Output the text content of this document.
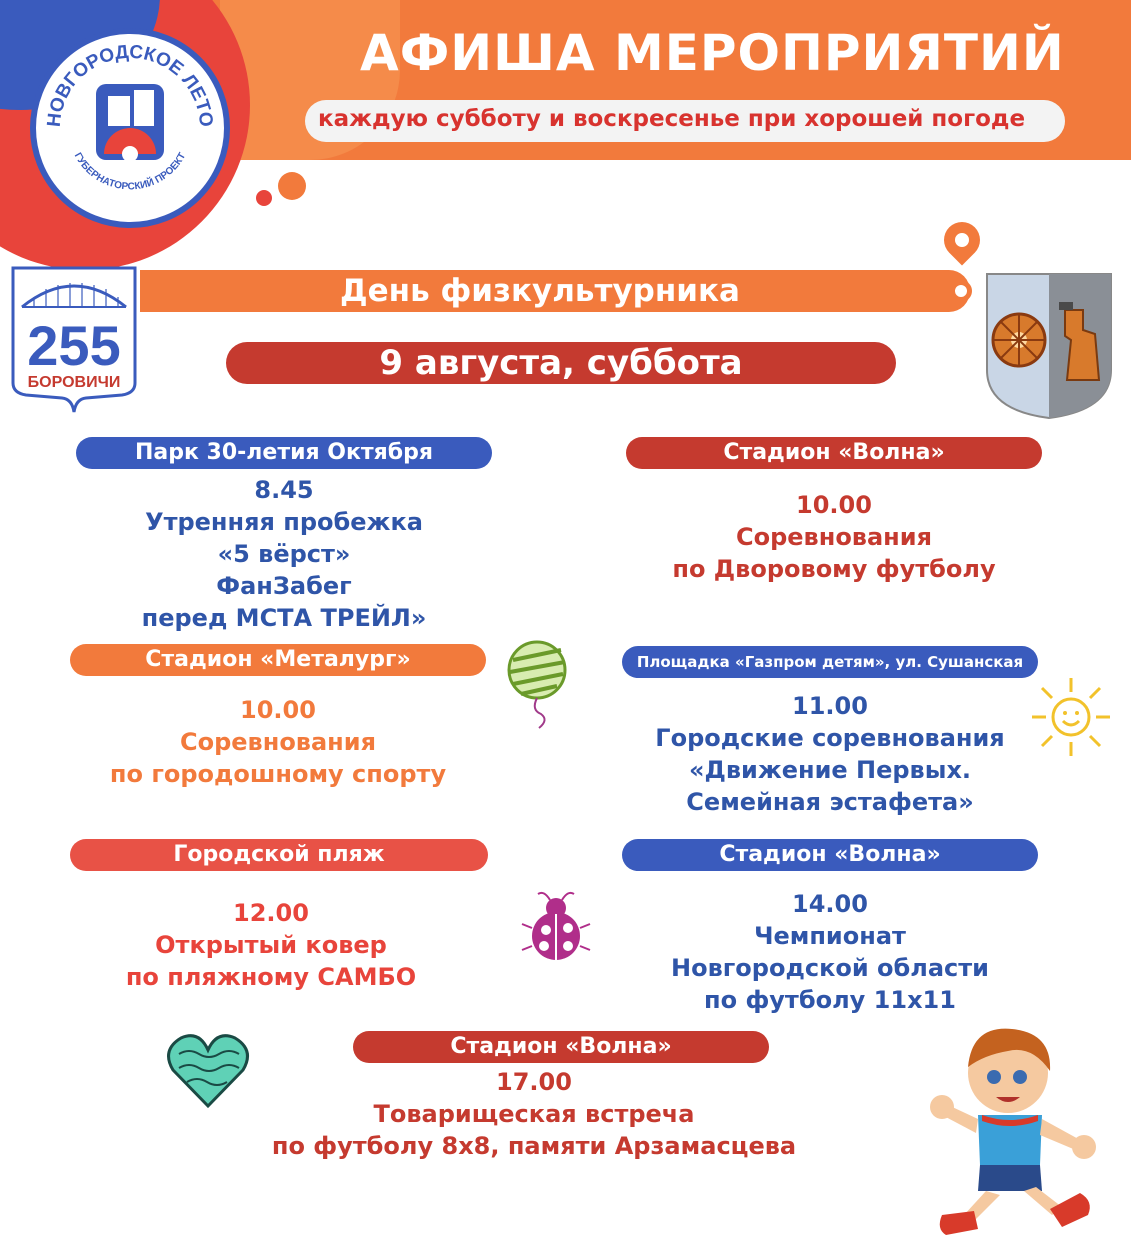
АФИША МЕРОПРИЯТИЙ
каждую субботу и воскресенье при хорошей погоде
НОВГОРОДСКОЕ ЛЕТО
ГУБЕРНАТОРСКИЙ ПРОЕКТ
255
БОРОВИЧИ
День физкультурника
9 августа, суббота
Парк 30-летия Октября
8.45
Утренняя пробежка
«5 вёрст»
ФанЗабег
перед МСТА ТРЕЙЛ»
Стадион «Волна»
10.00
Соревнования
по Дворовому футболу
Стадион «Металург»
10.00
Соревнования
по городошному спорту
Площадка «Газпром детям», ул. Сушанская
11.00
Городские соревнования
«Движение Первых.
Семейная эстафета»
Городской пляж
12.00
Открытый ковер
по пляжному САМБО
Стадион «Волна»
14.00
Чемпионат
Новгородской области
по футболу 11x11
Стадион «Волна»
17.00
Товарищеская встреча
по футболу 8x8, памяти Арзамасцева
